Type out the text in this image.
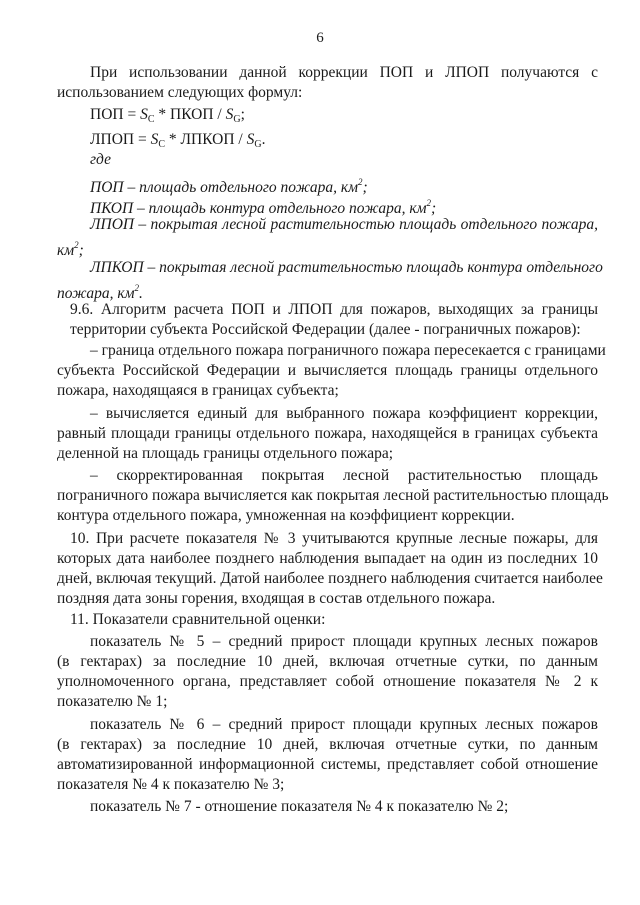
6
При использовании данной коррекции ПОП и ЛПОП получаются с
использованием следующих формул:
ПОП = $S_C$ * ПКОП / $S_G$;
ЛПОП = $S_C$ * ЛПКОП / $S_G$.
где
ПОП – площадь отдельного пожара, $км^2$;
ПКОП – площадь контура отдельного пожара, $км^2$;
ЛПОП – покрытая лесной растительностью площадь отдельного пожара,
$км^2$;
ЛПКОП – покрытая лесной растительностью площадь контура отдельного
пожара, $км^2$.
9.6. Алгоритм расчета ПОП и ЛПОП для пожаров, выходящих за границы
территории субъекта Российской Федерации (далее - пограничных пожаров):
– граница отдельного пожара пограничного пожара пересекается с границами
субъекта Российской Федерации и вычисляется площадь границы отдельного
пожара, находящаяся в границах субъекта;
– вычисляется единый для выбранного пожара коэффициент коррекции,
равный площади границы отдельного пожара, находящейся в границах субъекта
деленной на площадь границы отдельного пожара;
– скорректированная покрытая лесной растительностью площадь
пограничного пожара вычисляется как покрытая лесной растительностью площадь
контура отдельного пожара, умноженная на коэффициент коррекции.
10. При расчете показателя № 3 учитываются крупные лесные пожары, для
которых дата наиболее позднего наблюдения выпадает на один из последних 10
дней, включая текущий. Датой наиболее позднего наблюдения считается наиболее
поздняя дата зоны горения, входящая в состав отдельного пожара.
11. Показатели сравнительной оценки:
показатель № 5 – средний прирост площади крупных лесных пожаров
(в гектарах) за последние 10 дней, включая отчетные сутки, по данным
уполномоченного органа, представляет собой отношение показателя № 2 к
показателю № 1;
показатель № 6 – средний прирост площади крупных лесных пожаров
(в гектарах) за последние 10 дней, включая отчетные сутки, по данным
автоматизированной информационной системы, представляет собой отношение
показателя № 4 к показателю № 3;
показатель № 7 - отношение показателя № 4 к показателю № 2;
